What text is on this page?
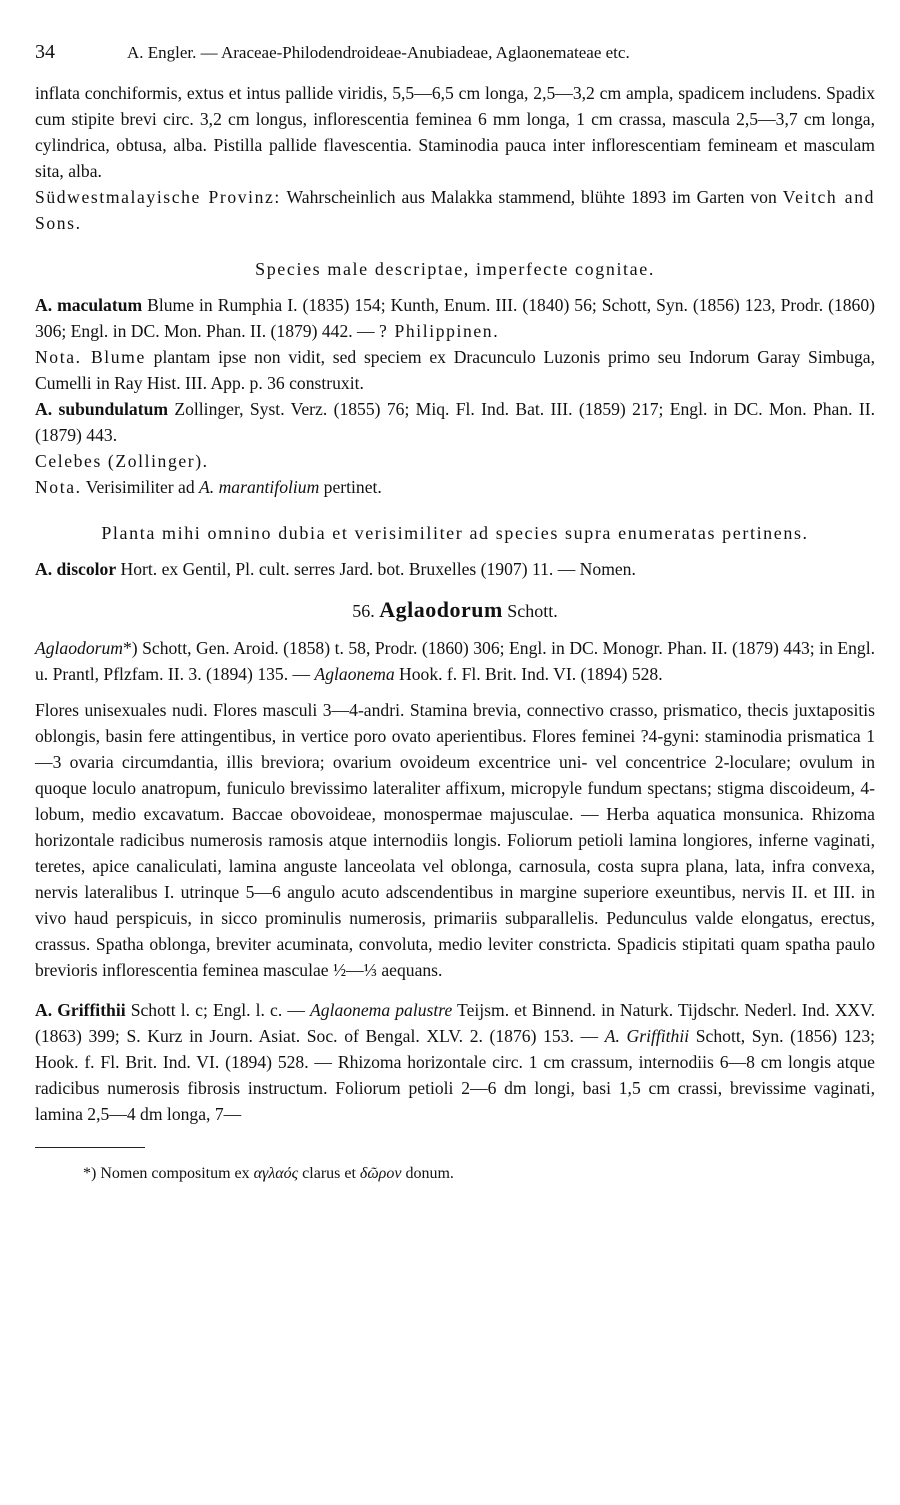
34	A. Engler. — Araceae-Philodendroideae-Anubiadeae, Aglaonemateae etc.

inflata conchiformis, extus et intus pallide viridis, 5,5—6,5 cm longa, 2,5—3,2 cm ampla, spadicem includens. Spadix cum stipite brevi circ. 3,2 cm longus, inflorescentia feminea 6 mm longa, 1 cm crassa, mascula 2,5—3,7 cm longa, cylindrica, obtusa, alba. Pistilla pallide flavescentia. Staminodia pauca inter inflorescentiam femineam et masculam sita, alba.

Südwestmalayische Provinz: Wahrscheinlich aus Malakka stammend, blühte 1893 im Garten von Veitch and Sons.

Species male descriptae, imperfecte cognitae.

A. maculatum Blume in Rumphia I. (1835) 154; Kunth, Enum. III. (1840) 56; Schott, Syn. (1856) 123, Prodr. (1860) 306; Engl. in DC. Mon. Phan. II. (1879) 442. — ? Philippinen.

Nota. Blume plantam ipse non vidit, sed speciem ex Dracunculo Luzonis primo seu Indorum Garay Simbuga, Cumelli in Ray Hist. III. App. p. 36 construxit.

A. subundulatum Zollinger, Syst. Verz. (1855) 76; Miq. Fl. Ind. Bat. III. (1859) 217; Engl. in DC. Mon. Phan. II. (1879) 443.
Celebes (Zollinger).

Nota. Verisimiliter ad A. marantifolium pertinet.

Planta mihi omnino dubia et verisimiliter ad species supra enumeratas pertinens.

A. discolor Hort. ex Gentil, Pl. cult. serres Jard. bot. Bruxelles (1907) 11. — Nomen.

56. Aglaodorum Schott.

Aglaodorum*) Schott, Gen. Aroid. (1858) t. 58, Prodr. (1860) 306; Engl. in DC. Monogr. Phan. II. (1879) 443; in Engl. u. Prantl, Pflzfam. II. 3. (1894) 135. — Aglaonema Hook. f. Fl. Brit. Ind. VI. (1894) 528.

Flores unisexuales nudi. Flores masculi 3—4-andri. Stamina brevia, connectivo crasso, prismatico, thecis juxtapositis oblongis, basin fere attingentibus, in vertice poro ovato aperientibus. Flores feminei ?4-gyni: staminodia prismatica 1—3 ovaria circumdantia, illis breviora; ovarium ovoideum excentrice uni- vel concentrice 2-loculare; ovulum in quoque loculo anatropum, funiculo brevissimo lateraliter affixum, micropyle fundum spectans; stigma discoideum, 4-lobum, medio excavatum. Baccae obovoideae, monospermae majusculae. — Herba aquatica monsunica. Rhizoma horizontale radicibus numerosis ramosis atque internodiis longis. Foliorum petioli lamina longiores, inferne vaginati, teretes, apice canaliculati, lamina anguste lanceolata vel oblonga, carnosula, costa supra plana, lata, infra convexa, nervis lateralibus I. utrinque 5—6 angulo acuto adscendentibus in margine superiore exeuntibus, nervis II. et III. in vivo haud perspicuis, in sicco prominulis numerosis, primariis subparallelis. Pedunculus valde elongatus, erectus, crassus. Spatha oblonga, breviter acuminata, convoluta, medio leviter constricta. Spadicis stipitati quam spatha paulo brevioris inflorescentia feminea masculae ½—⅓ aequans.

A. Griffithii Schott l. c; Engl. l. c. — Aglaonema palustre Teijsm. et Binnend. in Naturk. Tijdschr. Nederl. Ind. XXV. (1863) 399; S. Kurz in Journ. Asiat. Soc. of Bengal. XLV. 2. (1876) 153. — A. Griffithii Schott, Syn. (1856) 123; Hook. f. Fl. Brit. Ind. VI. (1894) 528. — Rhizoma horizontale circ. 1 cm crassum, internodiis 6—8 cm longis atque radicibus numerosis fibrosis instructum. Foliorum petioli 2—6 dm longi, basi 1,5 cm crassi, brevissime vaginati, lamina 2,5—4 dm longa, 7—

*) Nomen compositum ex αγλαός clarus et δῶρον donum.
